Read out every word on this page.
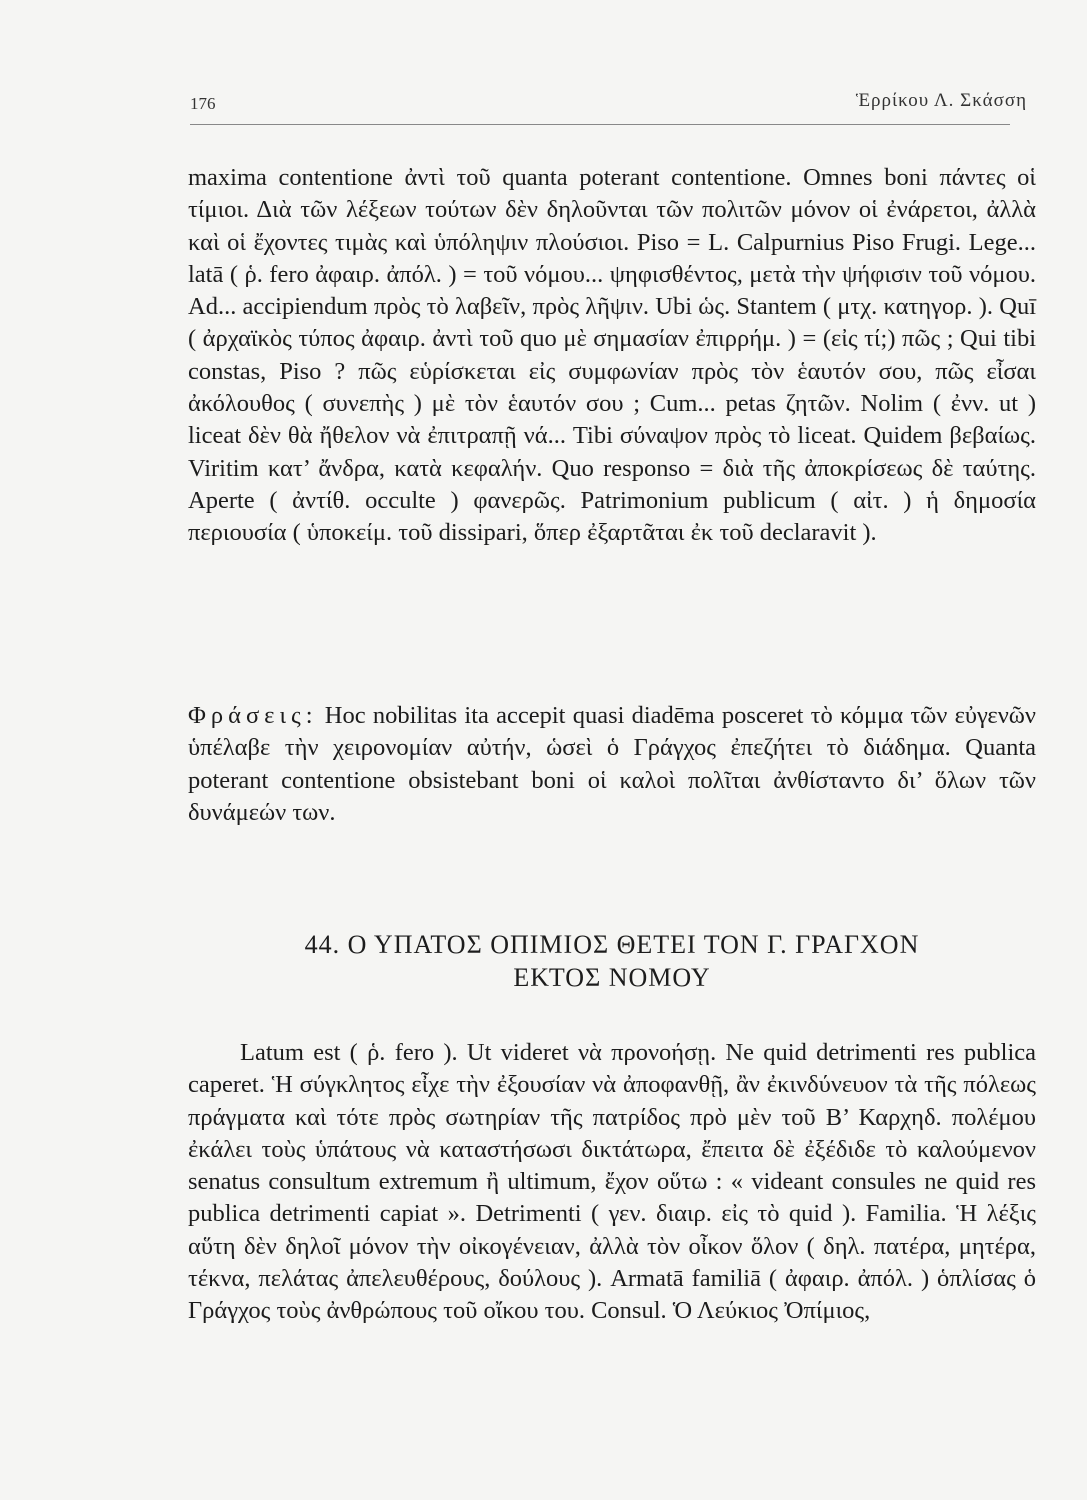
176	Ἑρρίκου Λ. Σκάσση

maxima contentione ἀντὶ τοῦ quanta poterant contentione. Omnes boni πάντες οἱ τίμιοι. Διὰ τῶν λέξεων τούτων δὲν δηλοῦνται τῶν πολιτῶν μόνον οἱ ἐνάρετοι, ἀλλὰ καὶ οἱ ἔχοντες τιμὰς καὶ ὑπόληψιν πλούσιοι. Piso = L. Calpurnius Piso Frugi. Lege... latā ( ῥ. fero ἀφαιρ. ἀπόλ. ) = τοῦ νόμου... ψηφισθέντος, μετὰ τὴν ψήφισιν τοῦ νόμου. Ad... accipiendum πρὸς τὸ λαβεῖν, πρὸς λῆψιν. Ubi ὡς. Stantem ( μτχ. κατηγορ. ). Quī ( ἀρχαϊκὸς τύπος ἀφαιρ. ἀντὶ τοῦ quo μὲ σημασίαν ἐπιρρήμ. ) = (εἰς τί;) πῶς ; Qui tibi constas, Piso ? πῶς εὑρίσκεται εἰς συμφωνίαν πρὸς τὸν ἑαυτόν σου, πῶς εἶσαι ἀκόλουθος ( συνεπὴς ) μὲ τὸν ἑαυτόν σου ; Cum... petas ζητῶν. Nolim ( ἐνν. ut ) liceat δὲν θὰ ἤθελον νὰ ἐπιτραπῇ νά... Tibi σύναψον πρὸς τὸ liceat. Quidem βεβαίως. Viritim κατ’ ἄνδρα, κατὰ κεφαλήν. Quo responso = διὰ τῆς ἀποκρίσεως δὲ ταύτης. Aperte ( ἀντίθ. occulte ) φανερῶς. Patrimonium publicum ( αἰτ. ) ἡ δημοσία περιουσία ( ὑποκείμ. τοῦ dissipari, ὅπερ ἐξαρτᾶται ἐκ τοῦ declaravit ).

Φράσεις: Hoc nobilitas ita accepit quasi diadēma posceret τὸ κόμμα τῶν εὐγενῶν ὑπέλαβε τὴν χειρονομίαν αὐτήν, ὡσεὶ ὁ Γράγχος ἐπεζήτει τὸ διάδημα. Quanta poterant contentione obsistebant boni οἱ καλοὶ πολῖται ἀνθίσταντο δι’ ὅλων τῶν δυνάμεών των.

44. Ο ΥΠΑΤΟΣ ΟΠΙΜΙΟΣ ΘΕΤΕΙ ΤΟΝ Γ. ΓΡΑΓΧΟΝ
ΕΚΤΟΣ ΝΟΜΟΥ

Latum est ( ῥ. fero ). Ut videret νὰ προνοήσῃ. Ne quid detrimenti res publica caperet. Ἡ σύγκλητος εἶχε τὴν ἐξουσίαν νὰ ἀποφανθῇ, ἂν ἐκινδύνευον τὰ τῆς πόλεως πράγματα καὶ τότε πρὸς σωτηρίαν τῆς πατρίδος πρὸ μὲν τοῦ Β’ Καρχηδ. πολέμου ἐκάλει τοὺς ὑπάτους νὰ καταστήσωσι δικτάτωρα, ἔπειτα δὲ ἐξέδιδε τὸ καλούμενον senatus consultum extremum ἢ ultimum, ἔχον οὕτω : « videant consules ne quid res publica detrimenti capiat ». Detrimenti ( γεν. διαιρ. εἰς τὸ quid ). Familia. Ἡ λέξις αὕτη δὲν δηλοῖ μόνον τὴν οἰκογένειαν, ἀλλὰ τὸν οἶκον ὅλον ( δηλ. πατέρα, μητέρα, τέκνα, πελάτας ἀπελευθέρους, δούλους ). Armatā familiā ( ἀφαιρ. ἀπόλ. ) ὁπλίσας ὁ Γράγχος τοὺς ἀνθρώπους τοῦ οἴκου του. Consul. Ὁ Λεύκιος Ὀπίμιος,
